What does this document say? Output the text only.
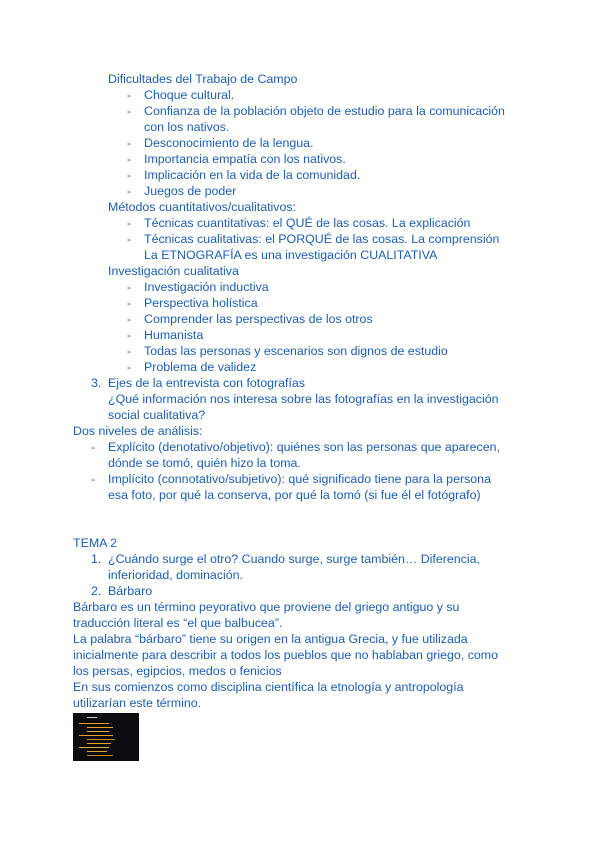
Dificultades del Trabajo de Campo
- Choque cultural.
- Confianza de la población objeto de estudio para la comunicación
con los nativos.
- Desconocimiento de la lengua.
- Importancia empatía con los nativos.
- Implicación en la vida de la comunidad.
- Juegos de poder
Métodos cuantitativos/cualitativos:
- Técnicas cuantitativas: el QUÉ de las cosas. La explicación
- Técnicas cualitativas: el PORQUÉ de las cosas. La comprensión
La ETNOGRAFÍA es una investigación CUALITATIVA
Investigación cualitativa
- Investigación inductiva
- Perspectiva holística
- Comprender las perspectivas de los otros
- Humanista
- Todas las personas y escenarios son dignos de estudio
- Problema de validez
3. Ejes de la entrevista con fotografías
¿Qué información nos interesa sobre las fotografías en la investigación
social cualitativa?
Dos niveles de análisis:
- Explícito (denotativo/objetivo): quiénes son las personas que aparecen,
dónde se tomó, quién hizo la toma.
- Implícito (connotativo/subjetivo): qué significado tiene para la persona
esa foto, por qué la conserva, por qué la tomó (si fue él el fotógrafo)
TEMA 2
1. ¿Cuándo surge el otro? Cuando surge, surge también… Diferencia,
inferioridad, dominación.
2. Bárbaro
Bárbaro es un término peyorativo que proviene del griego antiguo y su
traducción literal es “el que balbucea”.
La palabra “bárbaro” tiene su origen en la antigua Grecia, y fue utilizada
inicialmente para describir a todos los pueblos que no hablaban griego, como
los persas, egipcios, medos o fenicios
En sus comienzos como disciplina científica la etnología y antropología
utilizarían este término.
